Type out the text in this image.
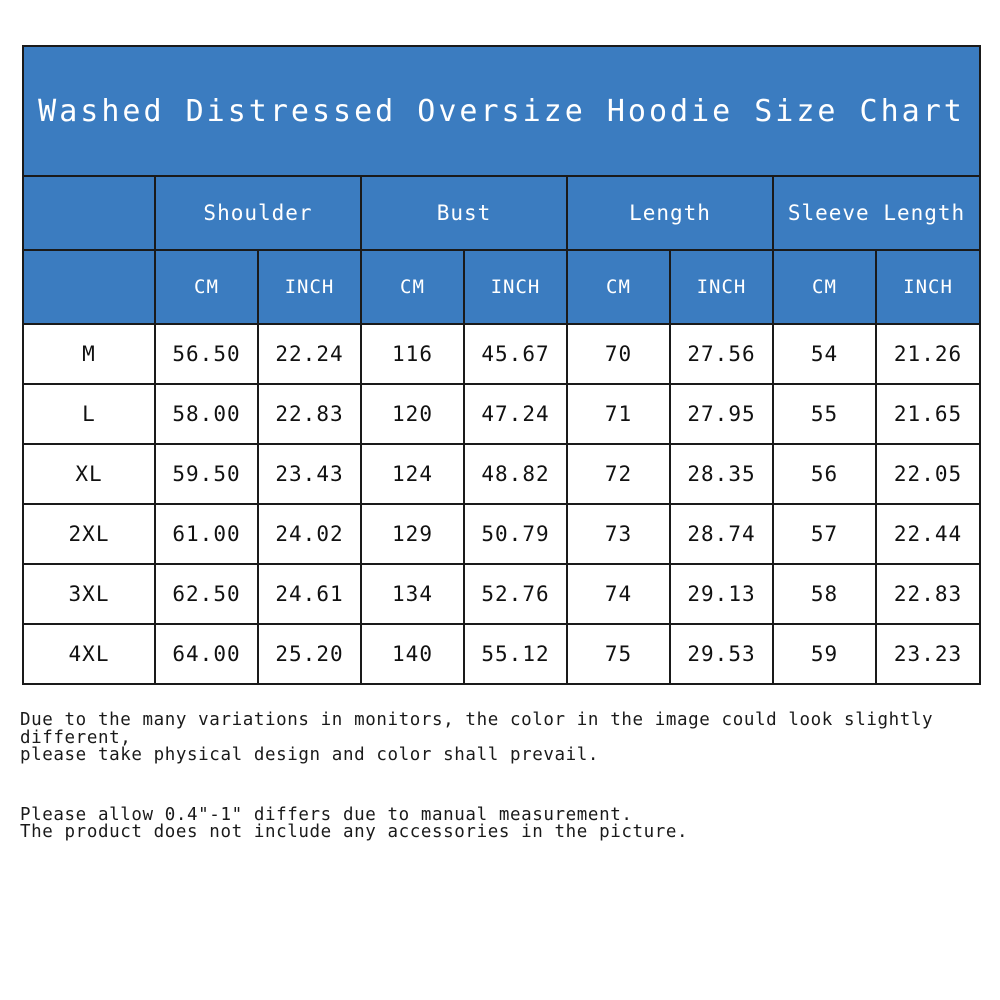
Washed Distressed Oversize Hoodie Size Chart								
	Shoulder		Bust		Length		Sleeve Length	
	CM	INCH	CM	INCH	CM	INCH	CM	INCH
M	56.50	22.24	116	45.67	70	27.56	54	21.26
L	58.00	22.83	120	47.24	71	27.95	55	21.65
XL	59.50	23.43	124	48.82	72	28.35	56	22.05
2XL	61.00	24.02	129	50.79	73	28.74	57	22.44
3XL	62.50	24.61	134	52.76	74	29.13	58	22.83
4XL	64.00	25.20	140	55.12	75	29.53	59	23.23

Due to the many variations in monitors, the color in the image could look slightly different,

please take physical design and color shall prevail.

Please allow 0.4"-1" differs due to manual measurement.

The product does not include any accessories in the picture.
